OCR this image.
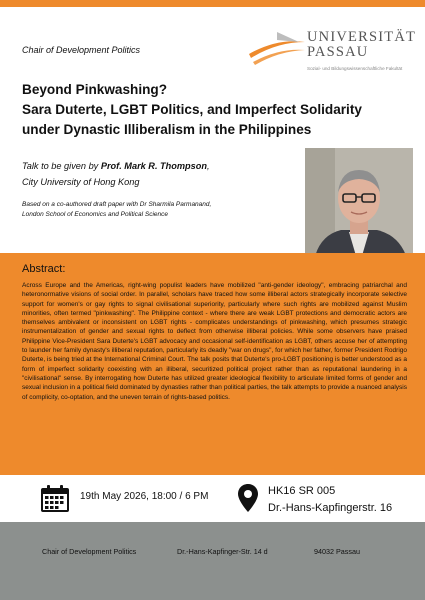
Chair of Development Politics
UNIVERSITÄT
PASSAU
Sozial- und Bildungswissenschaftliche Fakultät
Beyond Pinkwashing?
Sara Duterte, LGBT Politics, and Imperfect Solidarity
under Dynastic Illiberalism in the Philippines
Talk to be given by Prof. Mark R. Thompson,
City University of Hong Kong
Based on a co-authored draft paper with Dr Sharmila Parmanand,
London School of Economics and Political Science
Abstract:
Across Europe and the Americas, right-wing populist leaders have mobilized "anti-gender ideology", embracing patriarchal and heteronormative visions of social order. In parallel, scholars have traced how some illiberal actors strategically incorporate selective support for women's or gay rights to signal civilisational superiority, particularly where such rights are mobilized against Muslim minorities, often termed "pinkwashing". The Philippine context - where there are weak LGBT protections and democratic actors are themselves ambivalent or inconsistent on LGBT rights - complicates understandings of pinkwashing, which presumes strategic instrumentalization of gender and sexual rights to deflect from otherwise illiberal policies. While some observers have praised Philippine Vice-President Sara Duterte's LGBT advocacy and occasional self-identification as LGBT, others accuse her of attempting to launder her family dynasty's illiberal reputation, particularly its deadly "war on drugs", for which her father, former President Rodrigo Duterte, is being tried at the International Criminal Court. The talk posits that Duterte's pro-LGBT positioning is better understood as a form of imperfect solidarity coexisting with an illiberal, securitized political project rather than as reputational laundering in a "civilisational" sense. By interrogating how Duterte has utilized greater ideological flexibility to articulate limited forms of gender and sexual inclusion in a political field dominated by dynasties rather than political parties, the talk attempts to provide a nuanced analysis of complicity, co-optation, and the uneven terrain of rights-based politics.
19th May 2026, 18:00 / 6 PM	HK16 SR 005
Dr.-Hans-Kapfingerstr. 16
Chair of Development Politics	Dr.-Hans-Kapfinger-Str. 14 d	94032 Passau
